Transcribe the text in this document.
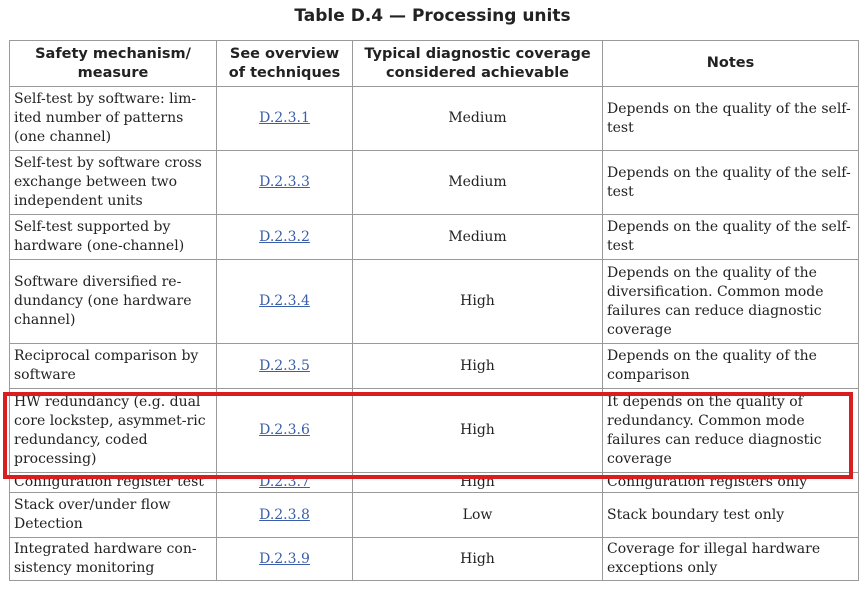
Table D.4 — Processing units
Safety mechanism/ measure	See overview of techniques	Typical diagnostic coverage considered achievable	Notes
Self-test by software: lim-ited number of patterns (one channel)	D.2.3.1	Medium	Depends on the quality of the self-test
Self-test by software cross exchange between two independent units	D.2.3.3	Medium	Depends on the quality of the self-test
Self-test supported by hardware (one-channel)	D.2.3.2	Medium	Depends on the quality of the self-test
Software diversified re-dundancy (one hardware channel)	D.2.3.4	High	Depends on the quality of the diversification. Common mode failures can reduce diagnostic coverage
Reciprocal comparison by software	D.2.3.5	High	Depends on the quality of the comparison
HW redundancy (e.g. dual core lockstep, asymmet-ric redundancy, coded processing)	D.2.3.6	High	It depends on the quality of redundancy. Common mode failures can reduce diagnostic coverage
Configuration register test	D.2.3.7	High	Configuration registers only
Stack over/under flow Detection	D.2.3.8	Low	Stack boundary test only
Integrated hardware con-sistency monitoring	D.2.3.9	High	Coverage for illegal hardware exceptions only
